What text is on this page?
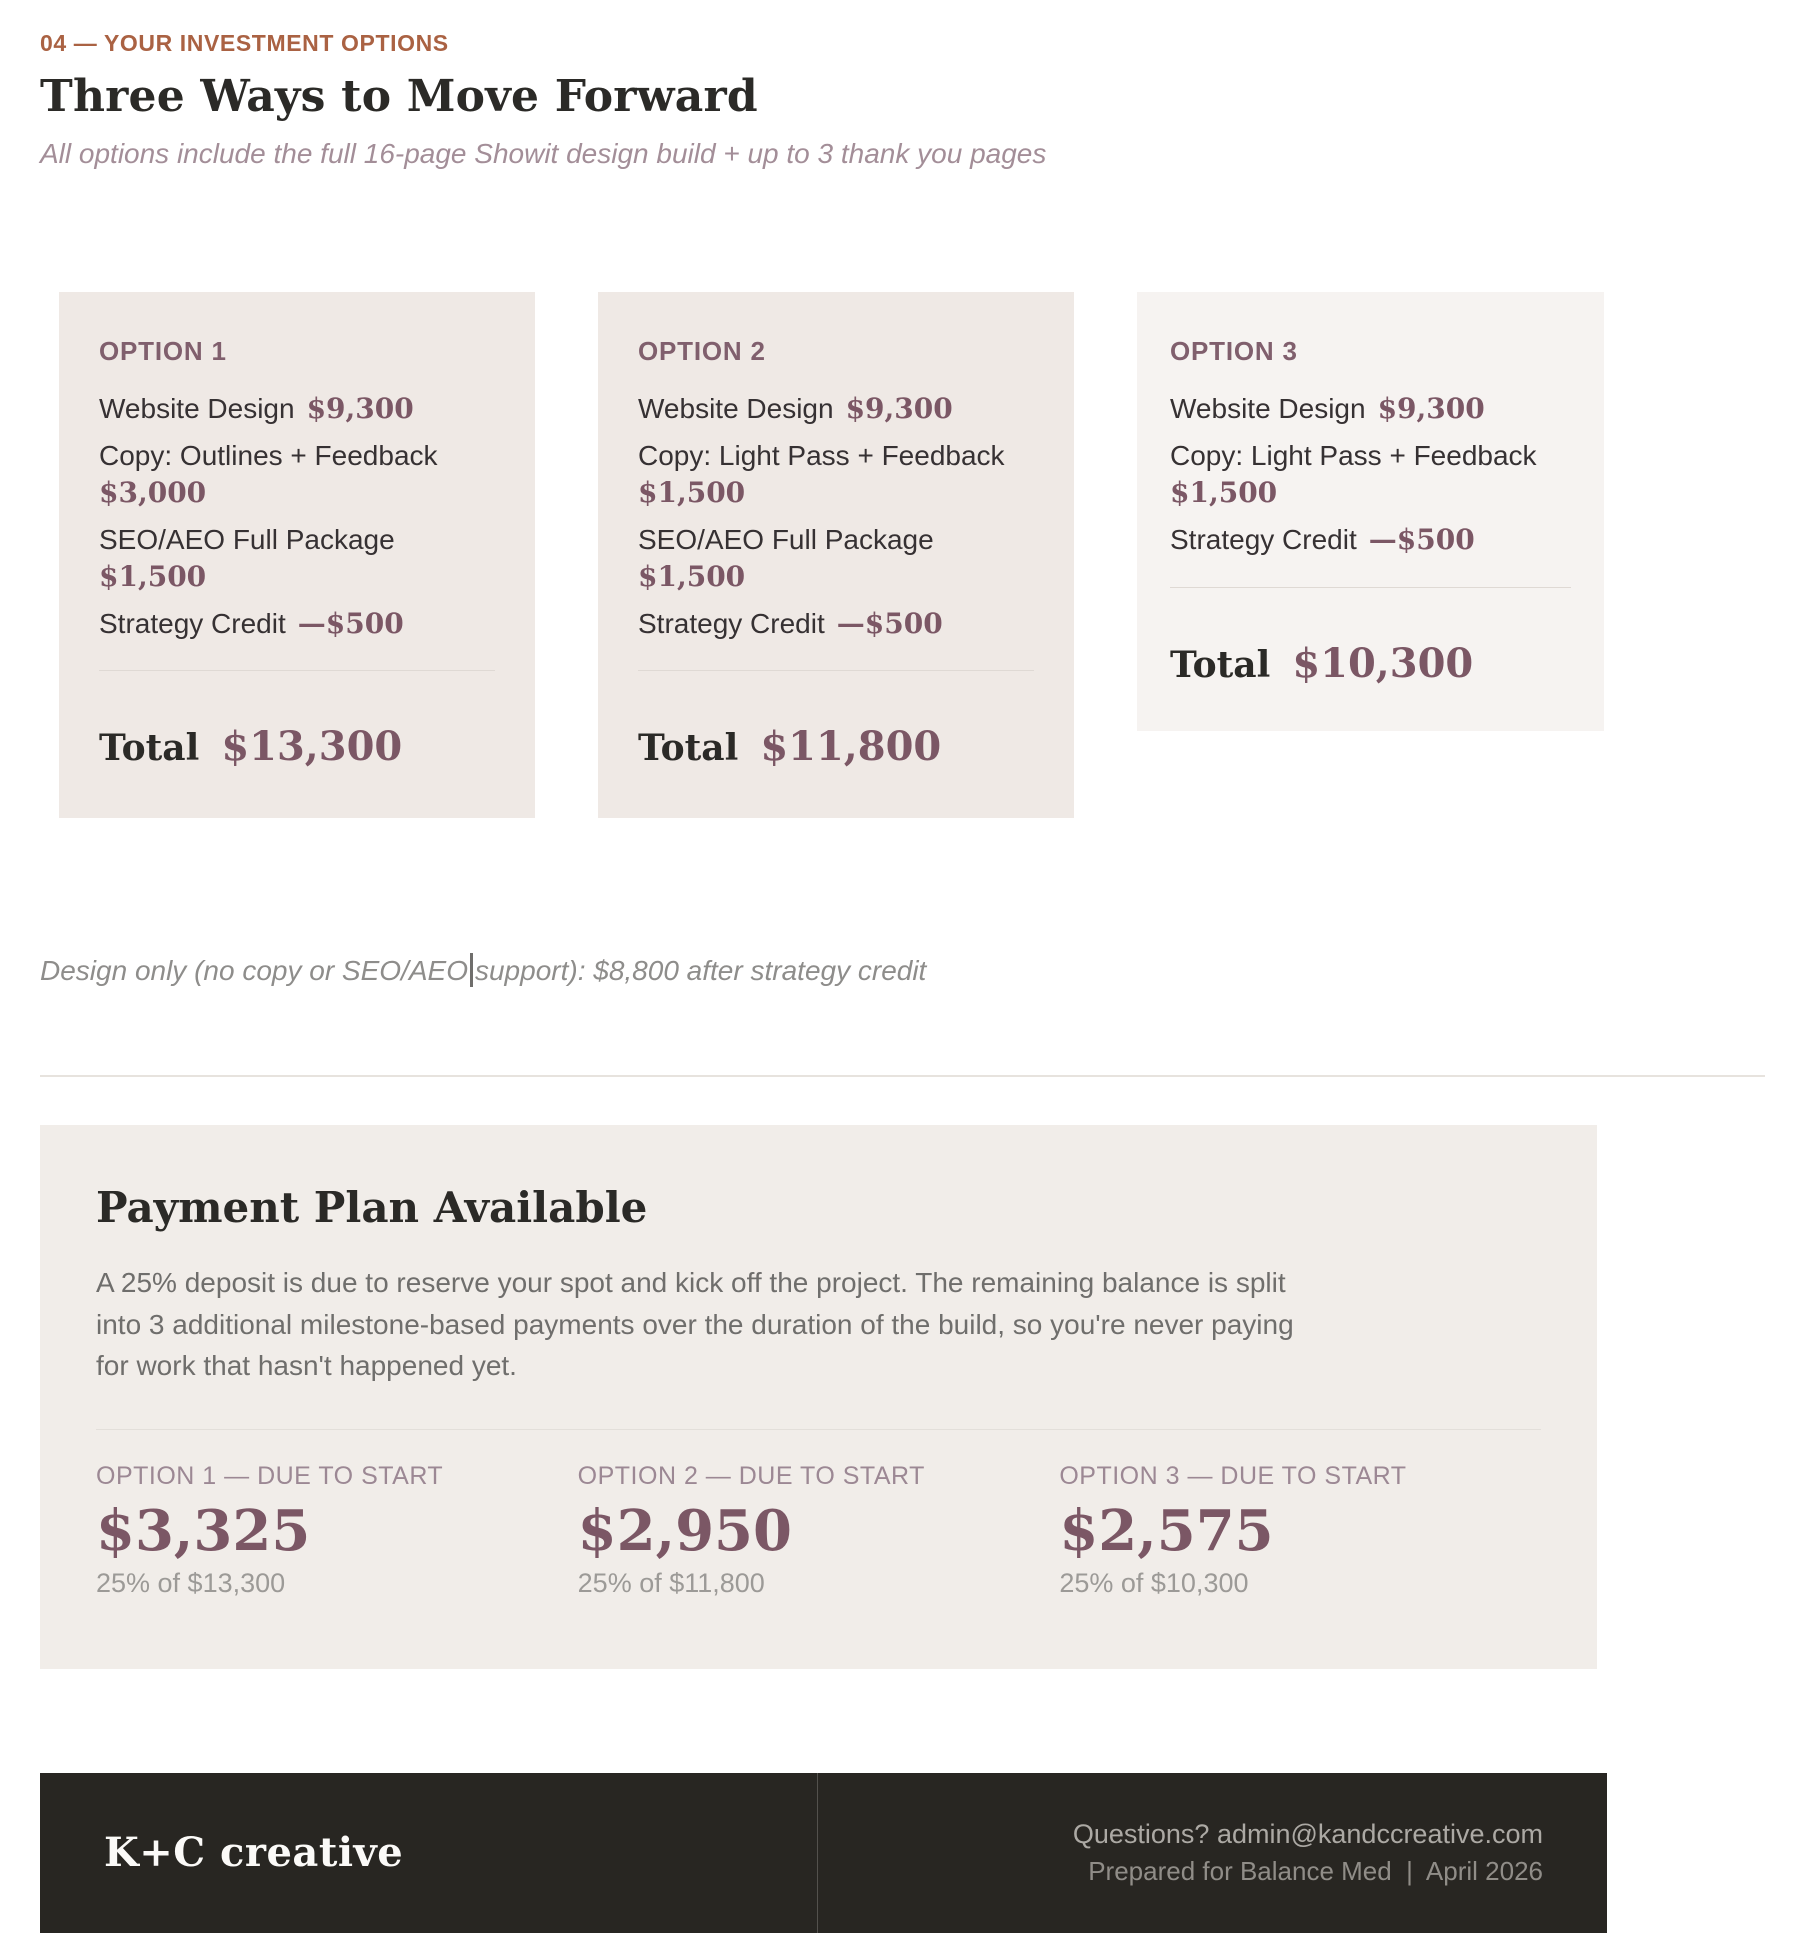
04 — YOUR INVESTMENT OPTIONS
Three Ways to Move Forward
All options include the full 16-page Showit design build + up to 3 thank you pages
OPTION 1
Website Design $9,300
Copy: Outlines + Feedback
$3,000
SEO/AEO Full Package
$1,500
Strategy Credit —$500
Total $13,300
OPTION 2
Website Design $9,300
Copy: Light Pass + Feedback
$1,500
SEO/AEO Full Package
$1,500
Strategy Credit —$500
Total $11,800
OPTION 3
Website Design $9,300
Copy: Light Pass + Feedback
$1,500
Strategy Credit —$500
Total $10,300
Design only (no copy or SEO/AEO support): $8,800 after strategy credit
Payment Plan Available
A 25% deposit is due to reserve your spot and kick off the project. The remaining balance is split
into 3 additional milestone-based payments over the duration of the build, so you're never paying
for work that hasn't happened yet.
OPTION 1 — DUE TO START
$3,325
25% of $13,300
OPTION 2 — DUE TO START
$2,950
25% of $11,800
OPTION 3 — DUE TO START
$2,575
25% of $10,300
K+C creative	Questions? admin@kandccreative.com
Prepared for Balance Med  |  April 2026
